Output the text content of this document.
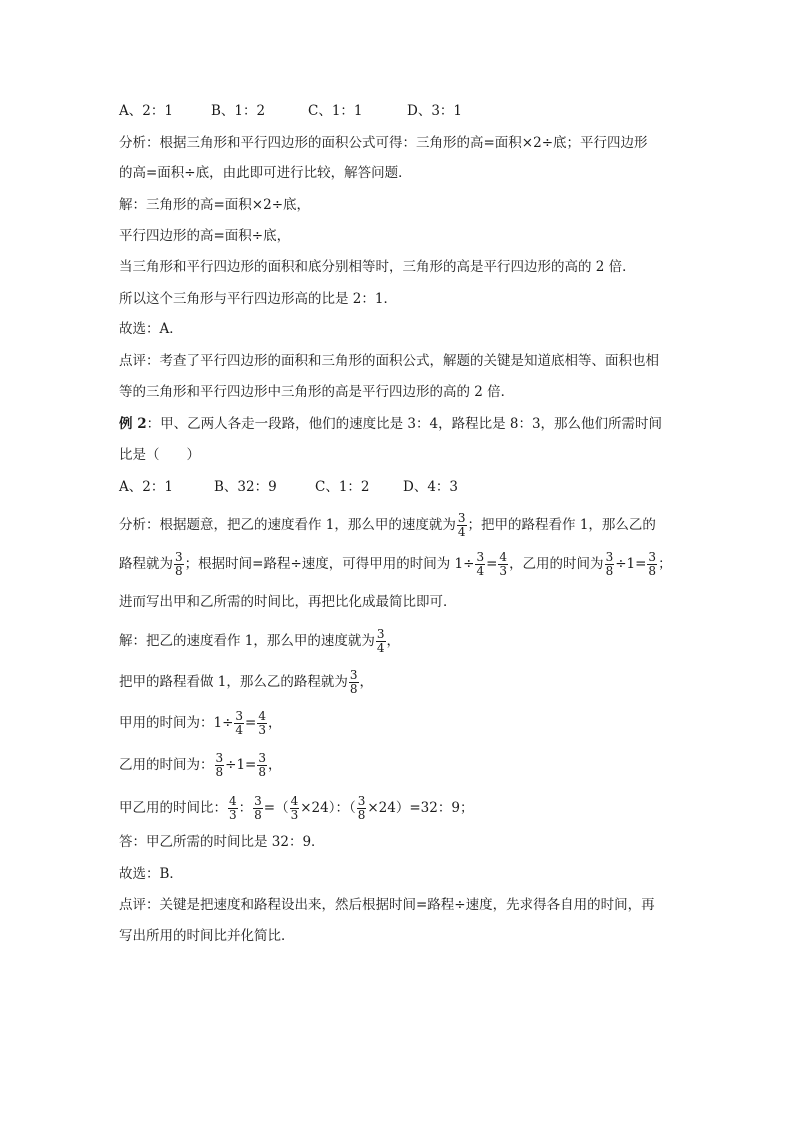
A、2：1	B、1：2	C、1：1	D、3：1
分析：根据三角形和平行四边形的面积公式可得：三角形的高=面积×2÷底；平行四边形
的高=面积÷底，由此即可进行比较，解答问题．
解：三角形的高=面积×2÷底，
平行四边形的高=面积÷底，
当三角形和平行四边形的面积和底分别相等时，三角形的高是平行四边形的高的 2 倍．
所以这个三角形与平行四边形高的比是 2：1．
故选：A．
点评：考查了平行四边形的面积和三角形的面积公式，解题的关键是知道底相等、面积也相
等的三角形和平行四边形中三角形的高是平行四边形的高的 2 倍．
例 2：甲、乙两人各走一段路，他们的速度比是 3：4，路程比是 8：3，那么他们所需时间
比是（　　）
A、2：1	B、32：9	C、1：2 D、4：3
分析：根据题意，把乙的速度看作 1，那么甲的速度就为 $\frac{3}{4}$ ；把甲的路程看作 1，那么乙的
路程就为 $\frac{3}{8}$ ；根据时间=路程÷速度，可得甲用的时间为 $1\div \frac{3}{4} = \frac{4}{3}$ ，乙用的时间为 $\frac{3}{8} \div 1= \frac{3}{8}$ ；
进而写出甲和乙所需的时间比，再把比化成最简比即可．
解：把乙的速度看作 1，那么甲的速度就为 $\frac{3}{4}$ ，
把甲的路程看做 1，那么乙的路程就为 $\frac{3}{8}$ ，
甲用的时间为：$1\div \frac{3}{4} = \frac{4}{3}$ ，
乙用的时间为： $\frac{3}{8} \div 1= \frac{3}{8}$ ，
甲乙用的时间比： $\frac{4}{3}$ ： $\frac{3}{8}$ =（ $\frac{4}{3} \times 24$）：（ $\frac{3}{8} \times 24)=32$：9；
答：甲乙所需的时间比是 32：9．
故选：B．
点评：关键是把速度和路程设出来，然后根据时间=路程÷速度，先求得各自用的时间，再
写出所用的时间比并化简比．
